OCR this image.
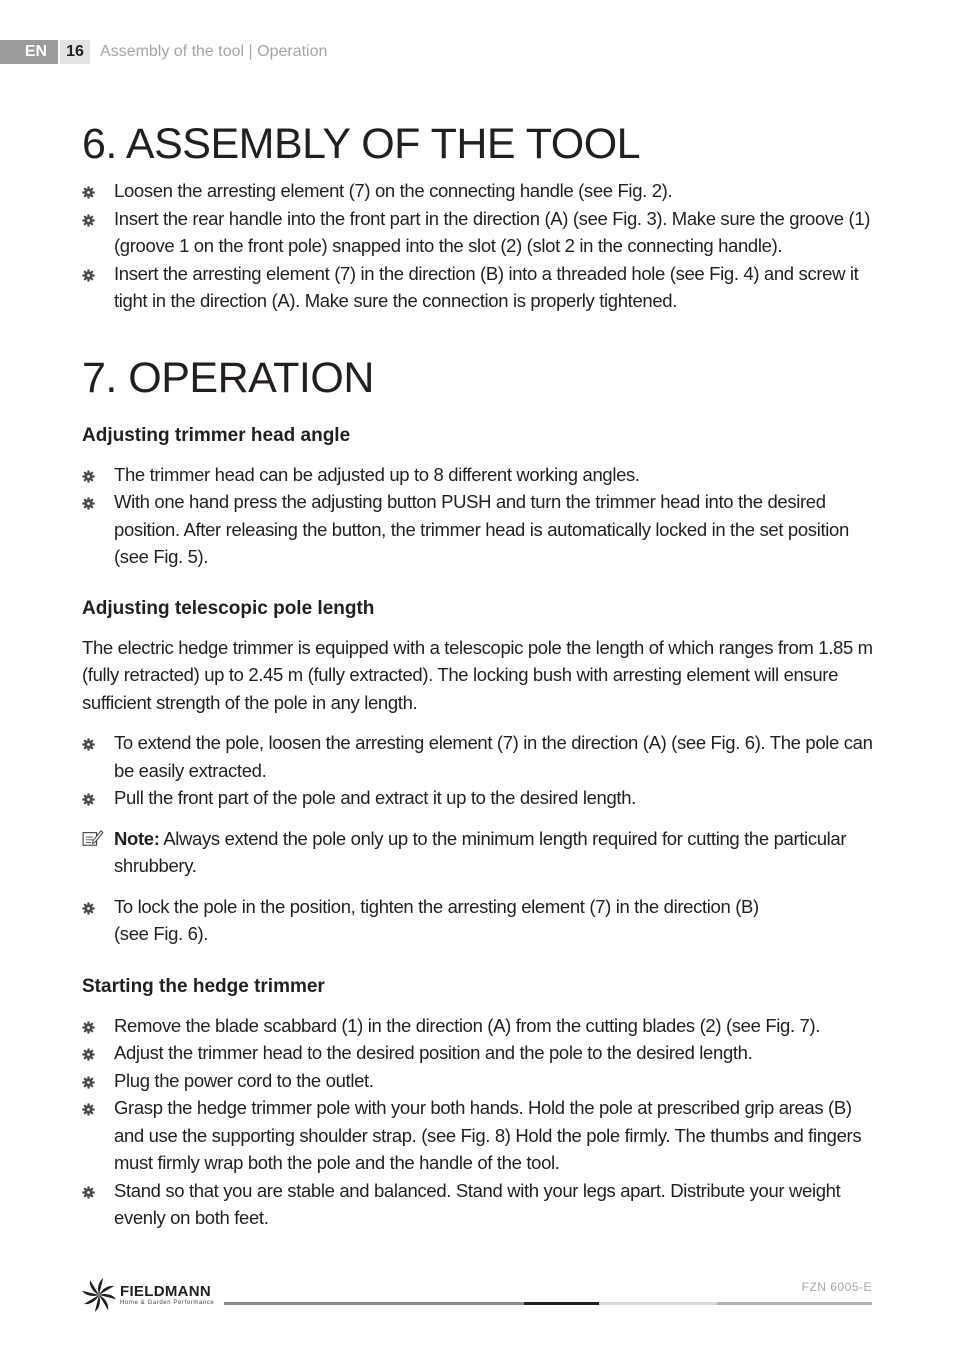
EN	16	Assembly of the tool | Operation
6. ASSEMBLY OF THE TOOL
Loosen the arresting element (7) on the connecting handle (see Fig. 2).
Insert the rear handle into the front part in the direction (A) (see Fig. 3). Make sure the groove (1) (groove 1 on the front pole) snapped into the slot (2) (slot 2 in the connecting handle).
Insert the arresting element (7) in the direction (B) into a threaded hole (see Fig. 4) and screw it tight in the direction (A). Make sure the connection is properly tightened.
7. OPERATION
Adjusting trimmer head angle
The trimmer head can be adjusted up to 8 different working angles.
With one hand press the adjusting button PUSH and turn the trimmer head into the desired position. After releasing the button, the trimmer head is automatically locked in the set position (see Fig. 5).
Adjusting telescopic pole length

The electric hedge trimmer is equipped with a telescopic pole the length of which ranges from 1.85 m (fully retracted) up to 2.45 m (fully extracted). The locking bush with arresting element will ensure sufficient strength of the pole in any length.

To extend the pole, loosen the arresting element (7) in the direction (A) (see Fig. 6). The pole can be easily extracted.
Pull the front part of the pole and extract it up to the desired length.
Note: Always extend the pole only up to the minimum length required for cutting the particular shrubbery.
To lock the pole in the position, tighten the arresting element (7) in the direction (B)
(see Fig. 6).
Starting the hedge trimmer
Remove the blade scabbard (1) in the direction (A) from the cutting blades (2) (see Fig. 7).
Adjust the trimmer head to the desired position and the pole to the desired length.
Plug the power cord to the outlet.
Grasp the hedge trimmer pole with your both hands. Hold the pole at prescribed grip areas (B) and use the supporting shoulder strap. (see Fig. 8) Hold the pole firmly. The thumbs and fingers must firmly wrap both the pole and the handle of the tool.
Stand so that you are stable and balanced. Stand with your legs apart. Distribute your weight evenly on both feet.
FIELDMANN
Home & Garden Performance
FZN 6005-E
